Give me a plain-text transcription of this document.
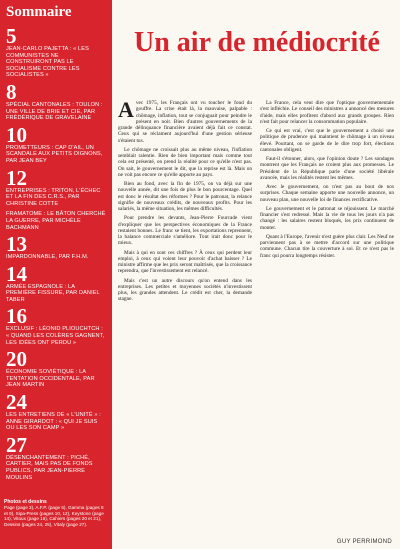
Sommaire
5
JEAN-CARLO PAJETTA : « LES COMMUNISTES NE CONSTRUIRONT PAS LE SOCIALISME CONTRE LES SOCIALISTES »
8
SPÉCIAL CANTONALES : TOULON : UNE VILLE DE BRIE ET CIE, PAR FRÉDÉRIQUE DE GRAVELAINE
10
PROMETTEURS : CAP D'AIL, UN SCANDALE AUX PETITS OIGNONS, PAR JEAN BEY
12
ENTREPRISES : TRITON, L'ÉCHEC ET LA FIN DES C.R.S., PAR CHRISTINE COTTE
FRAMATOME : LE BÂTON CHERCHÉ LA GUERRE, PAR MICHÈLE BACHMANN
13
IMPARDONNABLE, PAR F.H.M.
14
ARMÉE ESPAGNOLE : LA PREMIÈRE FISSURE, PAR DANIEL TABER
16
EXCLUSIF : LÉONID PLIOUCHTCH : « QUAND LES COLÈRES GAGNENT, LES IDÉES ONT PERDU »
20
ÉCONOMIE SOVIÉTIQUE : LA TENTATION OCCIDENTALE, PAR JEAN MARTIN
24
LES ENTRETIENS DE « L'UNITÉ » : ANNE GIRARDOT : « QUI JE SUIS OU LES SON CAMP »
27
DÉSENCHANTEMENT : PICHÉ, CARTIER, MAIS PAS DE FONDS PUBLICS, PAR JEAN-PIERRE MOULINS
Photos et dessins
Page (page 3), A.F.P. (page 5), Gamma (pages 8 et 9), Sipa-Press (pages 10, 12), Keystone (page 14), Vitoux (page 16), Cahiers (pages 20 et 21), Dessins (pages 24, 25), Vitaly (page 27).
Un air de médiocrité

Avec 1975, les Français ont vu toucher le fond du gouffre. La crise était là, la mauvaise, palpable : chômage, inflation, tout se conjuguait pour peindre le présent en noir. Bien d'autres gouvernements de la grande délinquance financière avaient déjà fait ce constat. Ceux qui se réclament aujourd'hui d'une gestion sérieuse s'étaient tus.

Le chômage ne croissait plus au même niveau, l'inflation semblait ralentie. Rien de bien important mais comme tout cela est présenté, on prend la réalité pour ce qu'elle n'est pas. On sait, le gouvernement le dit, que la reprise est là. Mais on ne voit pas encore ce qu'elle apporte au pays.

Bien au fond, avec la fin de 1975, on va déjà sur une nouvelle année, dit une fois de plus le bon pourcentage. Quel est donc le résultat des réformes ? Pour le patronat, la relance signifie de nouveaux crédits, de nouveaux profits. Pour les salariés, la même situation, les mêmes difficultés.

Pour prendre les devants, Jean-Pierre Fourcade vient d'expliquer que les perspectives économiques de la France restaient bonnes. Le franc se tient, les exportations reprennent, la balance commerciale s'améliore. Tout irait donc pour le mieux.

Mais à qui en sont ces chiffres ? À ceux qui perdent leur emploi, à ceux qui voient leur pouvoir d'achat baisser ? Le ministre affirme que les prix seront maîtrisés, que la croissance reprendra, que l'investissement est relancé.

Mais c'est un autre discours qu'on entend dans les entreprises. Les petites et moyennes sociétés n'investissent plus, les grandes attendent. Le crédit est cher, la demande stagne.

La France, cela veut dire que l'optique gouvernementale s'est infléchie. Le conseil des ministres a annoncé des mesures d'aide, mais elles profitent d'abord aux grands groupes. Rien n'est fait pour relancer la consommation populaire.

Ce qui est vrai, c'est que le gouvernement a choisi une politique de prudence qui maintient le chômage à un niveau élevé. Pourtant, on se garde de le dire trop fort, élections cantonales obligent.

Faut-il s'étonner, alors, que l'opinion doute ? Les sondages montrent que les Français ne croient plus aux promesses. Le Président de la République parle d'une société libérale avancée, mais les réalités restent les mêmes.

Avec le gouvernement, on n'est pas au bout de nos surprises. Chaque semaine apporte une nouvelle annonce, un nouveau plan, une nouvelle loi de finances rectificative.

Le gouvernement et le patronat se réjouissent. Le marché financier s'est redressé. Mais la vie de tous les jours n'a pas changé : les salaires restent bloqués, les prix continuent de monter.

Quant à l'Europe, l'avenir n'est guère plus clair. Les Neuf ne parviennent pas à se mettre d'accord sur une politique commune. Chacun tire la couverture à soi. Et ce n'est pas le franc qui pourra longtemps résister.

GUY PERRIMOND
